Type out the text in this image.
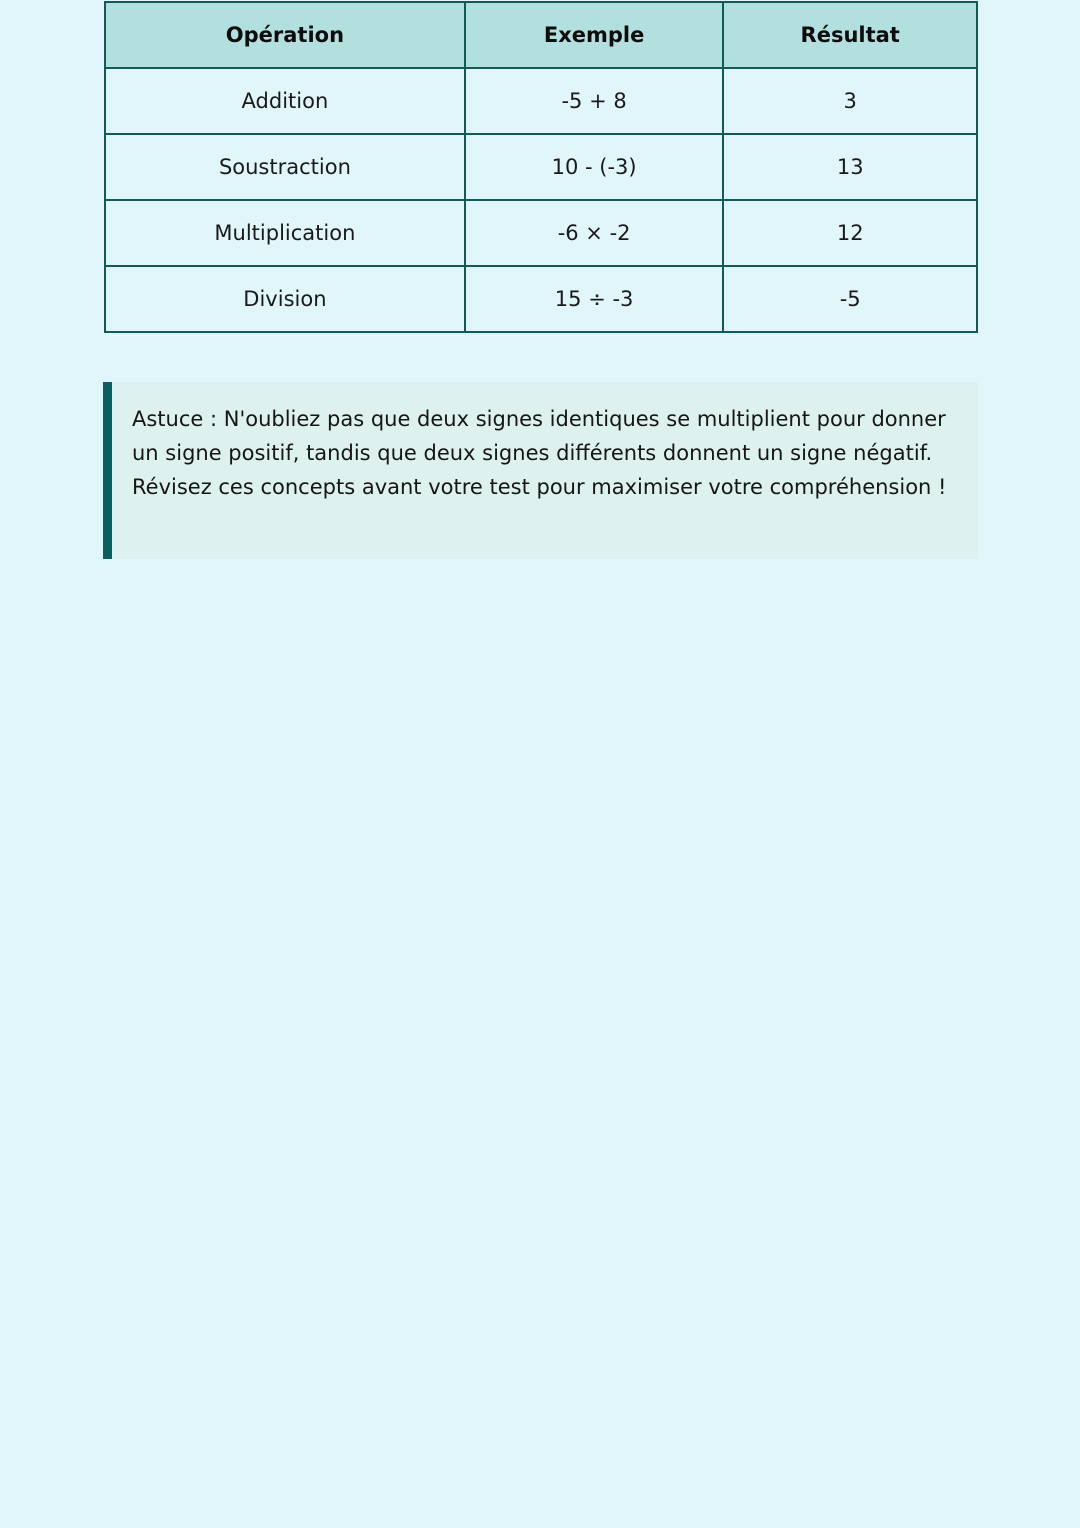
Opération	Exemple	Résultat
Addition	-5 + 8	3
Soustraction	10 - (-3)	13
Multiplication	-6 × -2	12
Division	15 ÷ -3	-5

Astuce : N'oubliez pas que deux signes identiques se multiplient pour donner un signe positif, tandis que deux signes différents donnent un signe négatif. Révisez ces concepts avant votre test pour maximiser votre compréhension !
